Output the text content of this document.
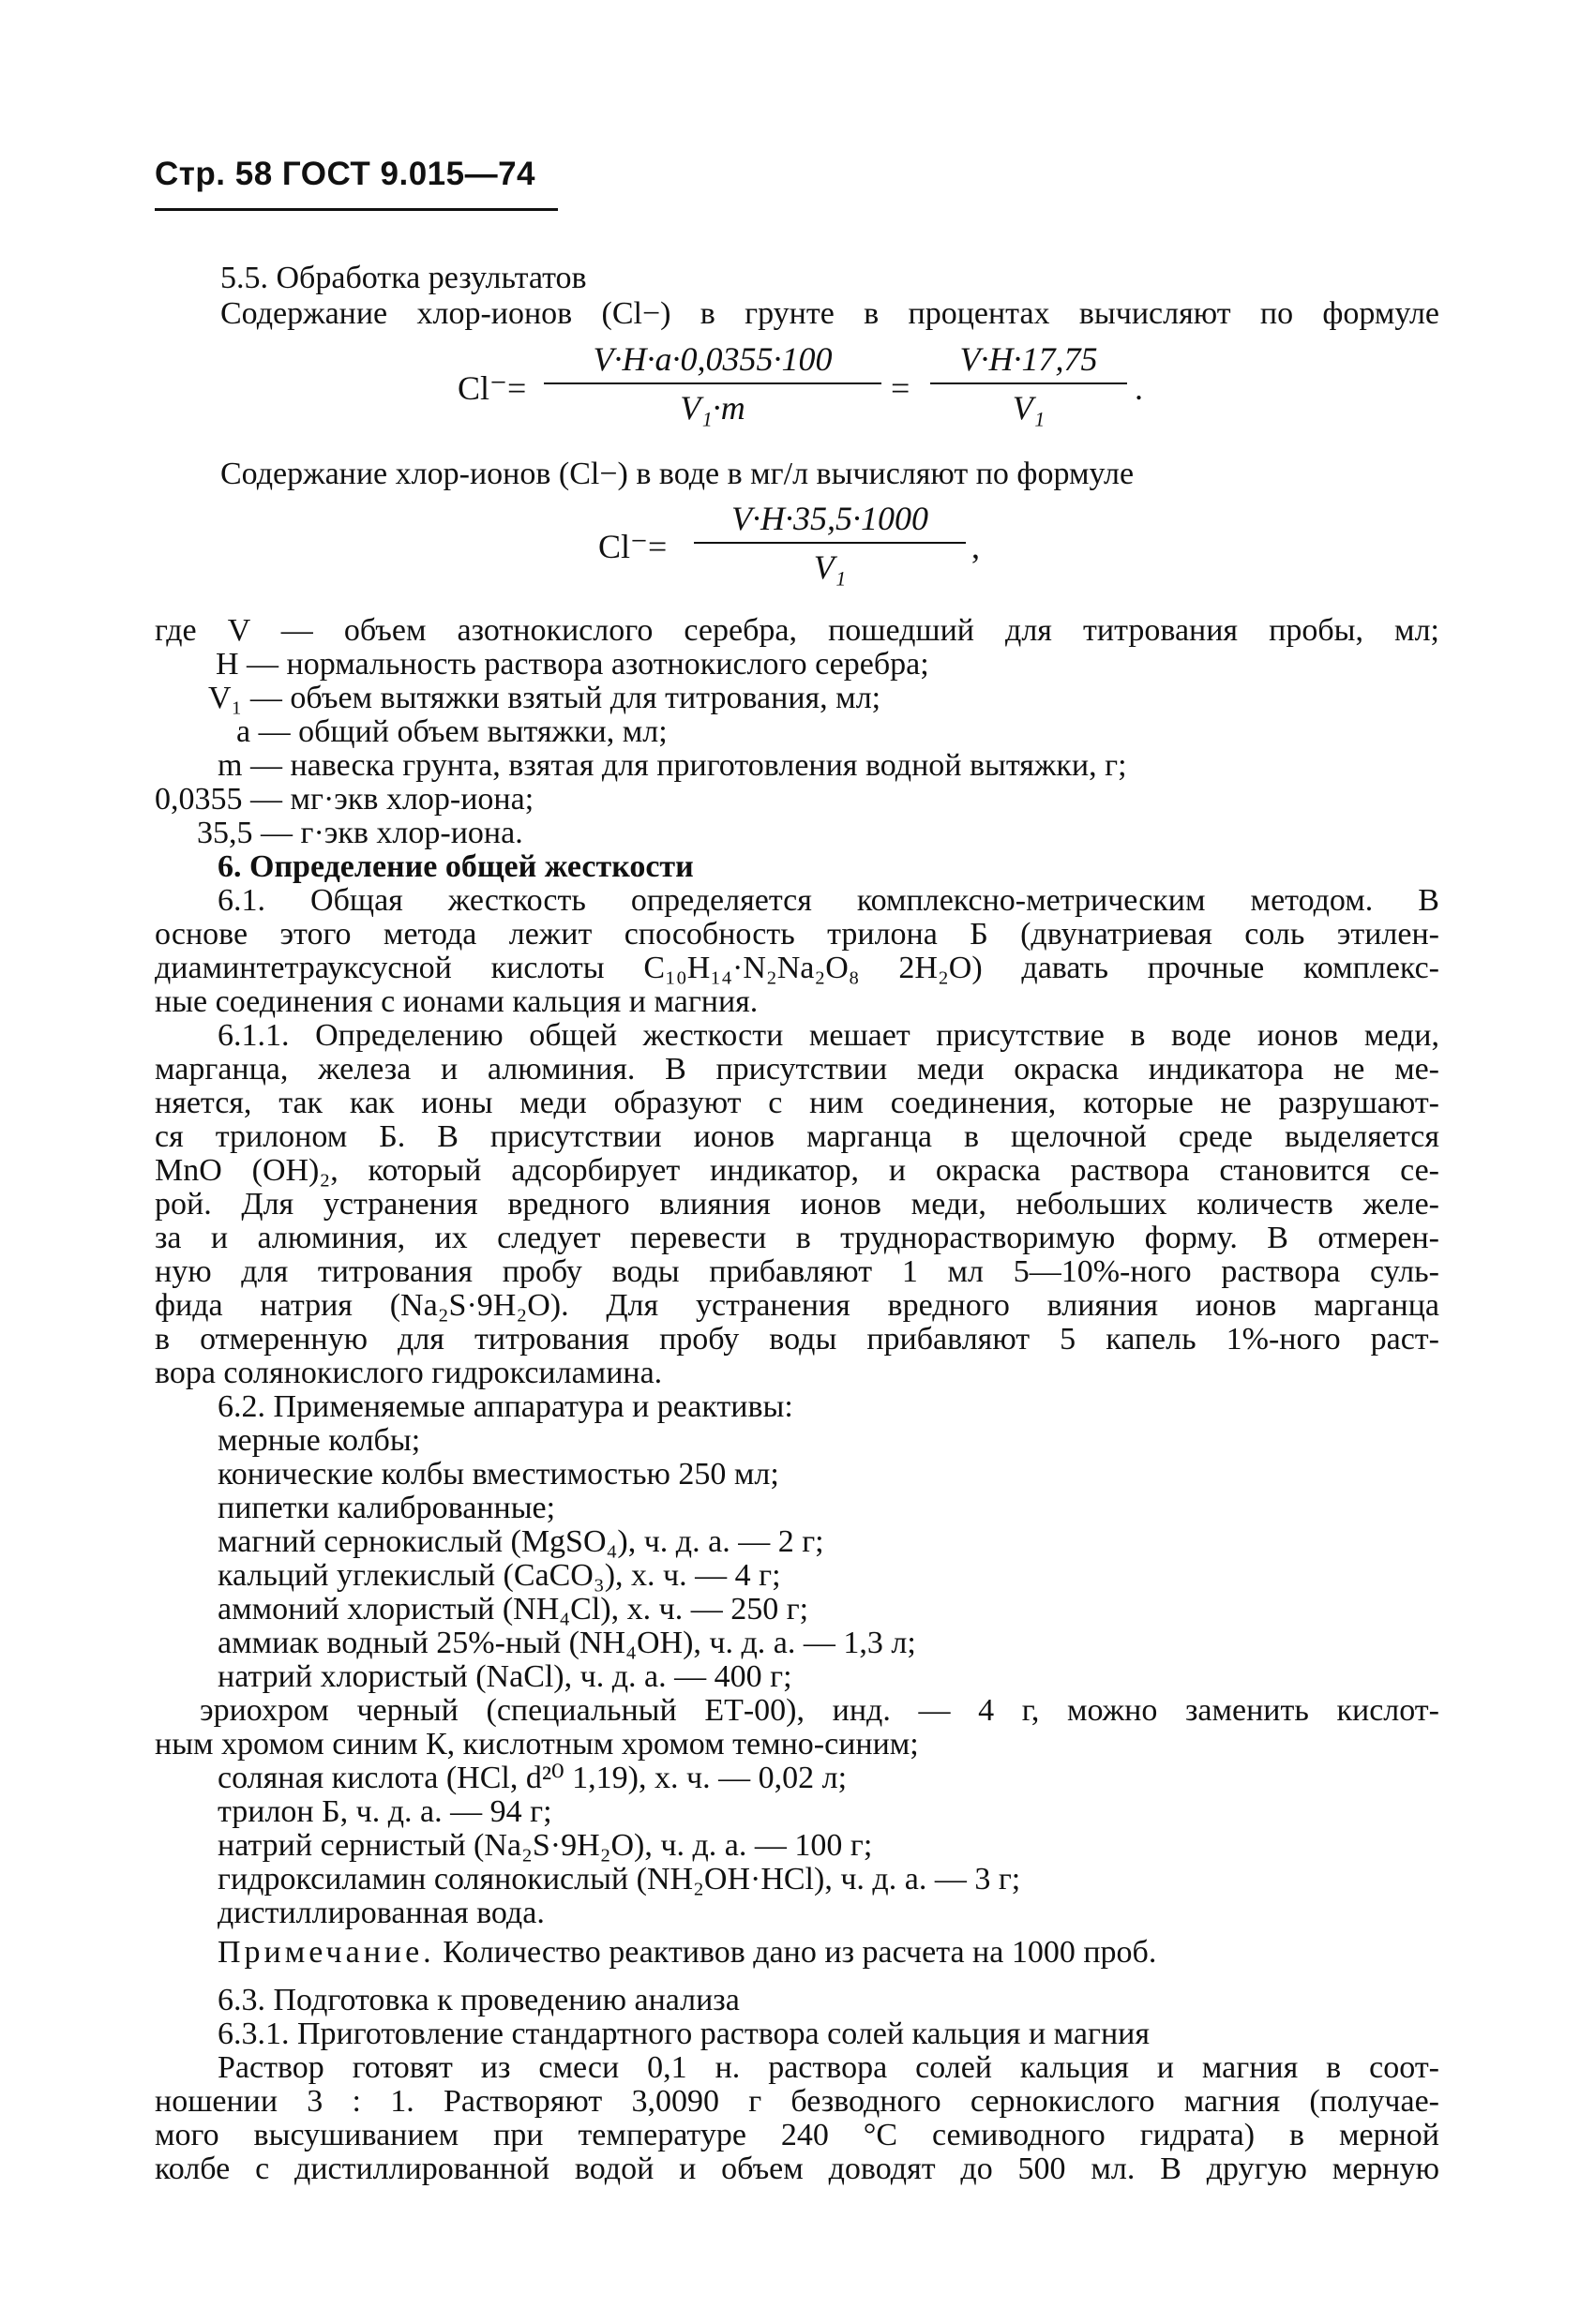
Стр. 58 ГОСТ 9.015—74
5.5. Обработка результатов
Содержание хлор-ионов (Cl−) в грунте в процентах вычисляют по формуле
Cl⁻=
V·H·a·0,0355·100
V₁·m
=
V·H·17,75
V₁
.
Содержание хлор-ионов (Cl−) в воде в мг/л вычисляют по формуле
Cl⁻=
V·H·35,5·1000
V₁
,
где V — объем азотнокислого серебра, пошедший для титрования пробы, мл;
H — нормальность раствора азотнокислого серебра;
V₁ — объем вытяжки взятый для титрования, мл;
a — общий объем вытяжки, мл;
m — навеска грунта, взятая для приготовления водной вытяжки, г;
0,0355 — мг·экв хлор-иона;
35,5 — г·экв хлор-иона.
6. Определение общей жесткости
6.1. Общая жесткость определяется комплексно-метрическим методом. В
основе этого метода лежит способность трилона Б (двунатриевая соль этилен-
диаминтетрауксусной кислоты C₁₀H₁₄·N₂Na₂O₈ 2H₂O) давать прочные комплекс-
ные соединения с ионами кальция и магния.
6.1.1. Определению общей жесткости мешает присутствие в воде ионов меди,
марганца, железа и алюминия. В присутствии меди окраска индикатора не ме-
няется, так как ионы меди образуют с ним соединения, которые не разрушают-
ся трилоном Б. В присутствии ионов марганца в щелочной среде выделяется
MnO (OH)₂, который адсорбирует индикатор, и окраска раствора становится се-
рой. Для устранения вредного влияния ионов меди, небольших количеств желе-
за и алюминия, их следует перевести в труднорастворимую форму. В отмерен-
ную для титрования пробу воды прибавляют 1 мл 5—10%-ного раствора суль-
фида натрия (Na₂S·9H₂O). Для устранения вредного влияния ионов марганца
в отмеренную для титрования пробу воды прибавляют 5 капель 1%-ного раст-
вора солянокислого гидроксиламина.
6.2. Применяемые аппаратура и реактивы:
мерные колбы;
конические колбы вместимостью 250 мл;
пипетки калиброванные;
магний сернокислый (MgSO₄), ч. д. а. — 2 г;
кальций углекислый (CaCO₃), х. ч. — 4 г;
аммоний хлористый (NH₄Cl), х. ч. — 250 г;
аммиак водный 25%-ный (NH₄OH), ч. д. а. — 1,3 л;
натрий хлористый (NaCl), ч. д. а. — 400 г;
эриохром черный (специальный ЕТ-00), инд. — 4 г, можно заменить кислот-
ным хромом синим К, кислотным хромом темно-синим;
соляная кислота (HCl, d²⁰ 1,19), х. ч. — 0,02 л;
трилон Б, ч. д. а. — 94 г;
натрий сернистый (Na₂S·9H₂O), ч. д. а. — 100 г;
гидроксиламин солянокислый (NH₂OH·HCl), ч. д. а. — 3 г;
дистиллированная вода.
Примечание. Количество реактивов дано из расчета на 1000 проб.
6.3. Подготовка к проведению анализа
6.3.1. Приготовление стандартного раствора солей кальция и магния
Раствор готовят из смеси 0,1 н. раствора солей кальция и магния в соот-
ношении 3 : 1. Растворяют 3,0090 г безводного сернокислого магния (получае-
мого высушиванием при температуре 240 °С семиводного гидрата) в мерной
колбе с дистиллированной водой и объем доводят до 500 мл. В другую мерную
